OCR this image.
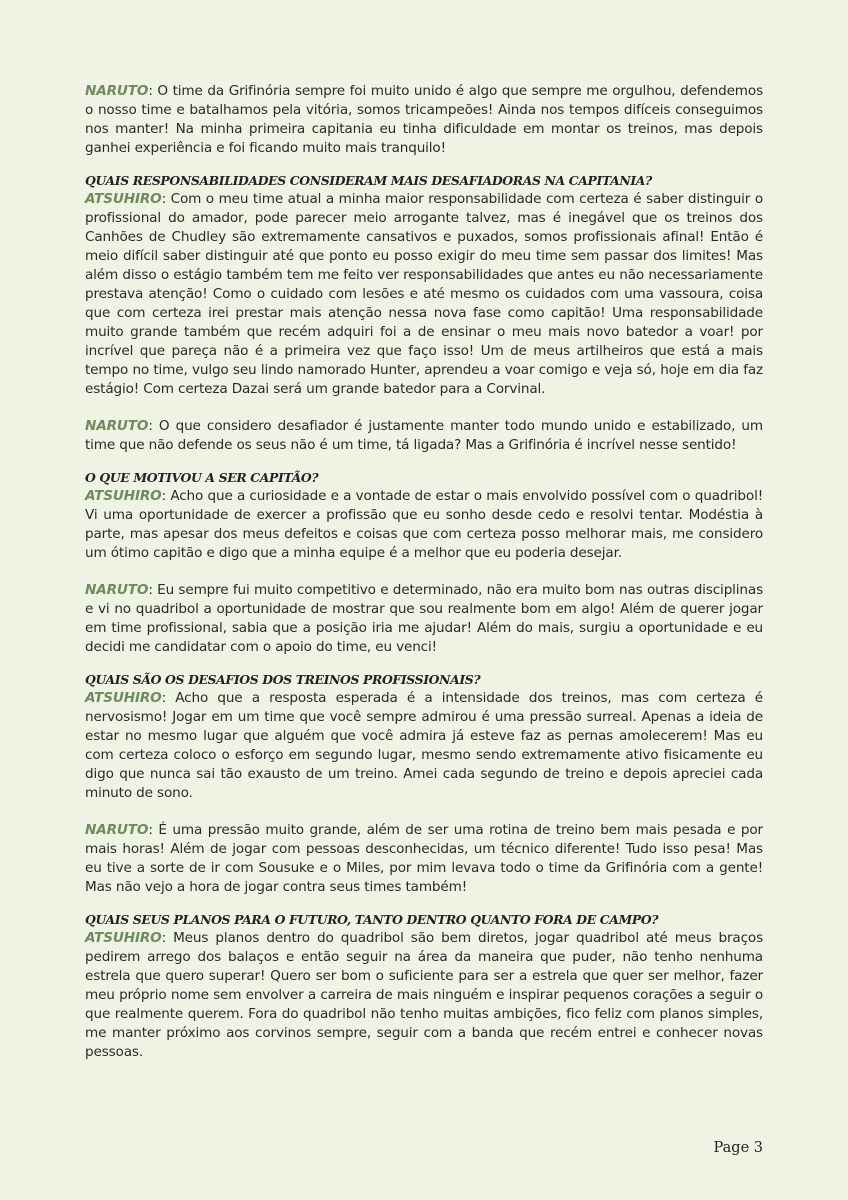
NARUTO: O time da Grifinória sempre foi muito unido é algo que sempre me orgulhou, defendemos o nosso time e batalhamos pela vitória, somos tricampeões! Ainda nos tempos difíceis conseguimos nos manter! Na minha primeira capitania eu tinha dificuldade em montar os treinos, mas depois ganhei experiência e foi ficando muito mais tranquilo!

QUAIS RESPONSABILIDADES CONSIDERAM MAIS DESAFIADORAS NA CAPITANIA?

ATSUHIRO: Com o meu time atual a minha maior responsabilidade com certeza é saber distinguir o profissional do amador, pode parecer meio arrogante talvez, mas é inegável que os treinos dos Canhões de Chudley são extremamente cansativos e puxados, somos profissionais afinal! Então é meio difícil saber distinguir até que ponto eu posso exigir do meu time sem passar dos limites! Mas além disso o estágio também tem me feito ver responsabilidades que antes eu não necessariamente prestava atenção! Como o cuidado com lesões e até mesmo os cuidados com uma vassoura, coisa que com certeza irei prestar mais atenção nessa nova fase como capitão! Uma responsabilidade muito grande também que recém adquiri foi a de ensinar o meu mais novo batedor a voar! por incrível que pareça não é a primeira vez que faço isso! Um de meus artilheiros que está a mais tempo no time, vulgo seu lindo namorado Hunter, aprendeu a voar comigo e veja só, hoje em dia faz estágio! Com certeza Dazai será um grande batedor para a Corvinal.

NARUTO: O que considero desafiador é justamente manter todo mundo unido e estabilizado, um time que não defende os seus não é um time, tá ligada? Mas a Grifinória é incrível nesse sentido!

O QUE MOTIVOU A SER CAPITÃO?

ATSUHIRO: Acho que a curiosidade e a vontade de estar o mais envolvido possível com o quadribol! Vi uma oportunidade de exercer a profissão que eu sonho desde cedo e resolvi tentar. Modéstia à parte, mas apesar dos meus defeitos e coisas que com certeza posso melhorar mais, me considero um ótimo capitão e digo que a minha equipe é a melhor que eu poderia desejar.

NARUTO: Eu sempre fui muito competitivo e determinado, não era muito bom nas outras disciplinas e vi no quadribol a oportunidade de mostrar que sou realmente bom em algo! Além de querer jogar em time profissional, sabia que a posição iria me ajudar! Além do mais, surgiu a oportunidade e eu decidi me candidatar com o apoio do time, eu venci!

QUAIS SÃO OS DESAFIOS DOS TREINOS PROFISSIONAIS?

ATSUHIRO: Acho que a resposta esperada é a intensidade dos treinos, mas com certeza é nervosismo! Jogar em um time que você sempre admirou é uma pressão surreal. Apenas a ideia de estar no mesmo lugar que alguém que você admira já esteve faz as pernas amolecerem! Mas eu com certeza coloco o esforço em segundo lugar, mesmo sendo extremamente ativo fisicamente eu digo que nunca sai tão exausto de um treino. Amei cada segundo de treino e depois apreciei cada minuto de sono.

NARUTO: É uma pressão muito grande, além de ser uma rotina de treino bem mais pesada e por mais horas! Além de jogar com pessoas desconhecidas, um técnico diferente! Tudo isso pesa! Mas eu tive a sorte de ir com Sousuke e o Miles, por mim levava todo o time da Grifinória com a gente! Mas não vejo a hora de jogar contra seus times também!

QUAIS SEUS PLANOS PARA O FUTURO, TANTO DENTRO QUANTO FORA DE CAMPO?

ATSUHIRO: Meus planos dentro do quadribol são bem diretos, jogar quadribol até meus braços pedirem arrego dos balaços e então seguir na área da maneira que puder, não tenho nenhuma estrela que quero superar! Quero ser bom o suficiente para ser a estrela que quer ser melhor, fazer meu próprio nome sem envolver a carreira de mais ninguém e inspirar pequenos corações a seguir o que realmente querem. Fora do quadribol não tenho muitas ambições, fico feliz com planos simples, me manter próximo aos corvinos sempre, seguir com a banda que recém entrei e conhecer novas pessoas.

Page 3
